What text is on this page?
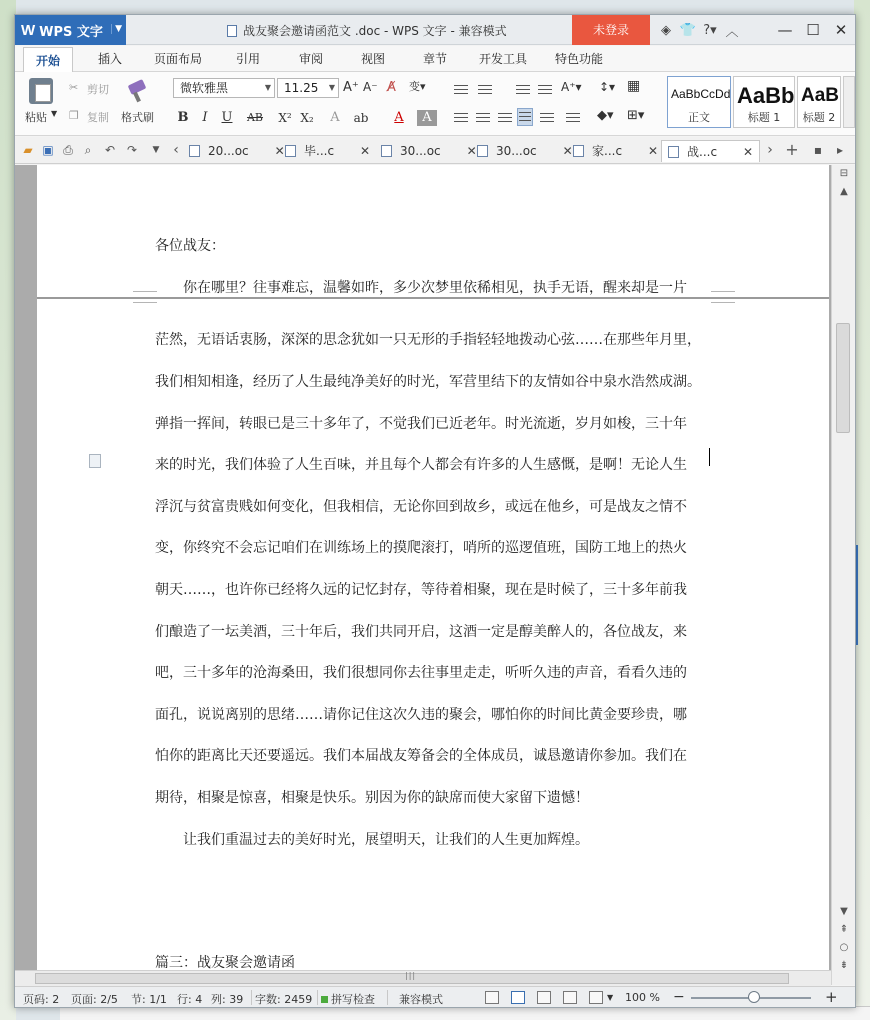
W WPS 文字	▼	战友聚会邀请函范文 .doc - WPS 文字 - 兼容模式	未登录	◈ 👕 ?▾ ︿	— ☐ ✕
开始	插入	页面布局	引用	审阅	视图	章节	开发工具 特色功能
粘贴 ▼
✂ 剪切
❐ 复制 格式刷
微软雅黑	▼	11.25 ▼ A⁺ A⁻ A̸ 变▾
B	I	U	AB	X² X₂	A	ab	A	A
A⁺▾ ↕▾ ▦
◆▾ ⊞▾
AaBbCcDd
正文
AaBb
标题 1
AaB
标题 2
▰ ▣ ⎙ ⌕	↶ ↷	▼ ‹	20...oc ✕	毕...c ✕	30...oc ✕	30...oc ✕	家...c ✕	战...c ✕	› + ▪	▸
各位战友：
　　你在哪里？往事难忘，温馨如昨，多少次梦里依稀相见，执手无语，醒来却是一片
茫然，无语话衷肠，深深的思念犹如一只无形的手指轻轻地拨动心弦……在那些年月里，
我们相知相逢，经历了人生最纯净美好的时光，军营里结下的友情如谷中泉水浩然成湖。
弹指一挥间，转眼已是三十多年了，不觉我们已近老年。时光流逝，岁月如梭，三十年
来的时光，我们体验了人生百味，并且每个人都会有许多的人生感慨，是啊！无论人生
浮沉与贫富贵贱如何变化，但我相信，无论你回到故乡，或远在他乡，可是战友之情不
变，你终究不会忘记咱们在训练场上的摸爬滚打，哨所的巡逻值班，国防工地上的热火
朝天……，也许你已经将久远的记忆封存，等待着相聚，现在是时候了，三十多年前我
们酿造了一坛美酒，三十年后，我们共同开启，这酒一定是醇美醉人的，各位战友，来
吧，三十多年的沧海桑田，我们很想同你去往事里走走，听听久违的声音，看看久违的
面孔，说说离别的思绪……请你记住这次久违的聚会，哪怕你的时间比黄金要珍贵，哪
怕你的距离比天还要遥远。我们本届战友筹备会的全体成员，诚恳邀请你参加。我们在
期待，相聚是惊喜，相聚是快乐。别因为你的缺席而使大家留下遗憾！
　　让我们重温过去的美好时光，展望明天，让我们的人生更加辉煌。
篇三：战友聚会邀请函
⊟
▲
▼
⇞
○
⇟
|||
页码: 2 页面: 2/5 节: 1/1 行: 4 列: 39 字数: 2459	拼写检查 兼容模式	▼ 100 % −	+
